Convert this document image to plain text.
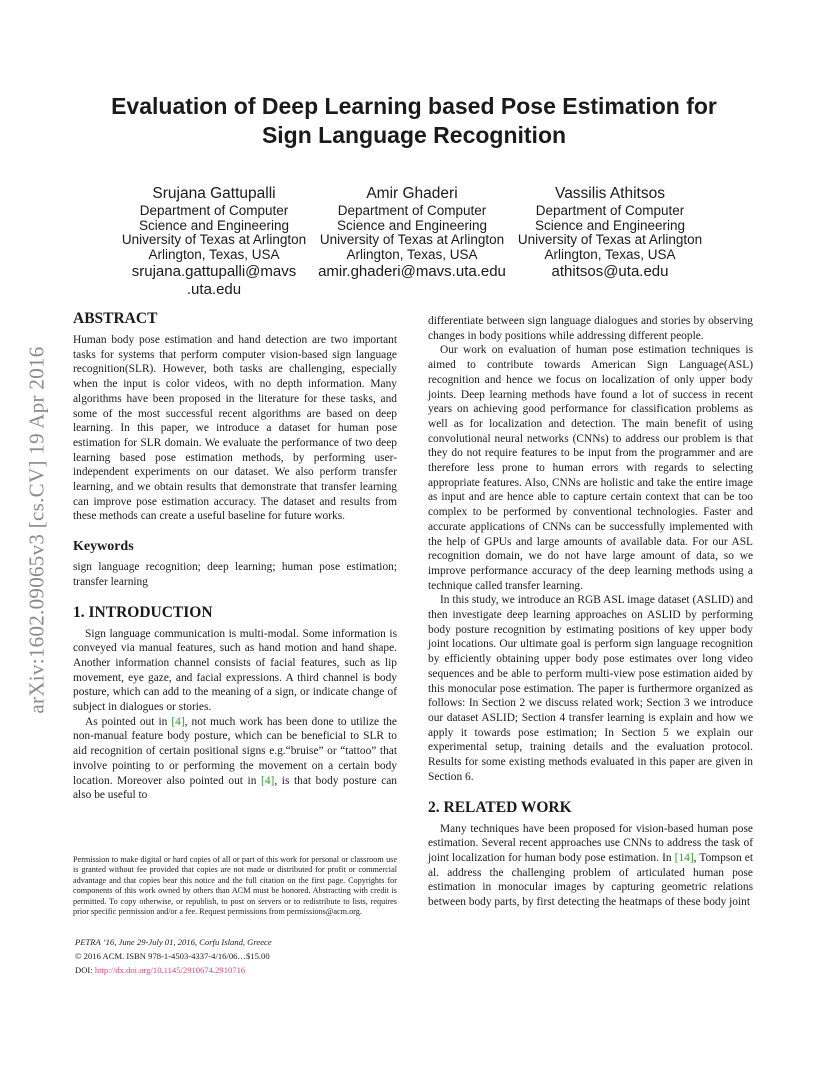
arXiv:1602.09065v3 [cs.CV] 19 Apr 2016
Evaluation of Deep Learning based Pose Estimation for
Sign Language Recognition
Srujana Gattupalli
Department of Computer
Science and Engineering
University of Texas at Arlington
Arlington, Texas, USA
srujana.gattupalli@mavs
.uta.edu
Amir Ghaderi
Department of Computer
Science and Engineering
University of Texas at Arlington
Arlington, Texas, USA
amir.ghaderi@mavs.uta.edu
Vassilis Athitsos
Department of Computer
Science and Engineering
University of Texas at Arlington
Arlington, Texas, USA
athitsos@uta.edu
ABSTRACT

Human body pose estimation and hand detection are two important tasks for systems that perform computer vision-based sign language recognition(SLR). However, both tasks are challenging, especially when the input is color videos, with no depth information. Many algorithms have been proposed in the literature for these tasks, and some of the most successful recent algorithms are based on deep learning. In this paper, we introduce a dataset for human pose estimation for SLR domain. We evaluate the performance of two deep learning based pose estimation methods, by performing user-independent experiments on our dataset. We also perform transfer learning, and we obtain results that demonstrate that transfer learning can improve pose estimation accuracy. The dataset and results from these methods can create a useful baseline for future works.

Keywords

sign language recognition; deep learning; human pose estimation; transfer learning

1. INTRODUCTION

Sign language communication is multi-modal. Some information is conveyed via manual features, such as hand motion and hand shape. Another information channel consists of facial features, such as lip movement, eye gaze, and facial expressions. A third channel is body posture, which can add to the meaning of a sign, or indicate change of subject in dialogues or stories.

As pointed out in [4], not much work has been done to utilize the non-manual feature body posture, which can be beneficial to SLR to aid recognition of certain positional signs e.g.“bruise” or “tattoo” that involve pointing to or performing the movement on a certain body location. Moreover also pointed out in [4], is that body posture can also be useful to

Permission to make digital or hard copies of all or part of this work for personal or classroom use is granted without fee provided that copies are not made or distributed for profit or commercial advantage and that copies bear this notice and the full citation on the first page. Copyrights for components of this work owned by others than ACM must be honored. Abstracting with credit is permitted. To copy otherwise, or republish, to post on servers or to redistribute to lists, requires prior specific permission and/or a fee. Request permissions from permissions@acm.org.

PETRA ’16, June 29-July 01, 2016, Corfu Island, Greece
© 2016 ACM. ISBN 978-1-4503-4337-4/16/06…$15.00
DOI: http://dx.doi.org/10.1145/2910674.2910716

differentiate between sign language dialogues and stories by observing changes in body positions while addressing different people.

Our work on evaluation of human pose estimation techniques is aimed to contribute towards American Sign Language(ASL) recognition and hence we focus on localization of only upper body joints. Deep learning methods have found a lot of success in recent years on achieving good performance for classification problems as well as for localization and detection. The main benefit of using convolutional neural networks (CNNs) to address our problem is that they do not require features to be input from the programmer and are therefore less prone to human errors with regards to selecting appropriate features. Also, CNNs are holistic and take the entire image as input and are hence able to capture certain context that can be too complex to be performed by conventional technologies. Faster and accurate applications of CNNs can be successfully implemented with the help of GPUs and large amounts of available data. For our ASL recognition domain, we do not have large amount of data, so we improve performance accuracy of the deep learning methods using a technique called transfer learning.

In this study, we introduce an RGB ASL image dataset (ASLID) and then investigate deep learning approaches on ASLID by performing body posture recognition by estimating positions of key upper body joint locations. Our ultimate goal is perform sign language recognition by efficiently obtaining upper body pose estimates over long video sequences and be able to perform multi-view pose estimation aided by this monocular pose estimation. The paper is furthermore organized as follows: In Section 2 we discuss related work; Section 3 we introduce our dataset ASLID; Section 4 transfer learning is explain and how we apply it towards pose estimation; In Section 5 we explain our experimental setup, training details and the evaluation protocol. Results for some existing methods evaluated in this paper are given in Section 6.

2. RELATED WORK

Many techniques have been proposed for vision-based human pose estimation. Several recent approaches use CNNs to address the task of joint localization for human body pose estimation. In [14], Tompson et al. address the challenging problem of articulated human pose estimation in monocular images by capturing geometric relations between body parts, by first detecting the heatmaps of these body joint
